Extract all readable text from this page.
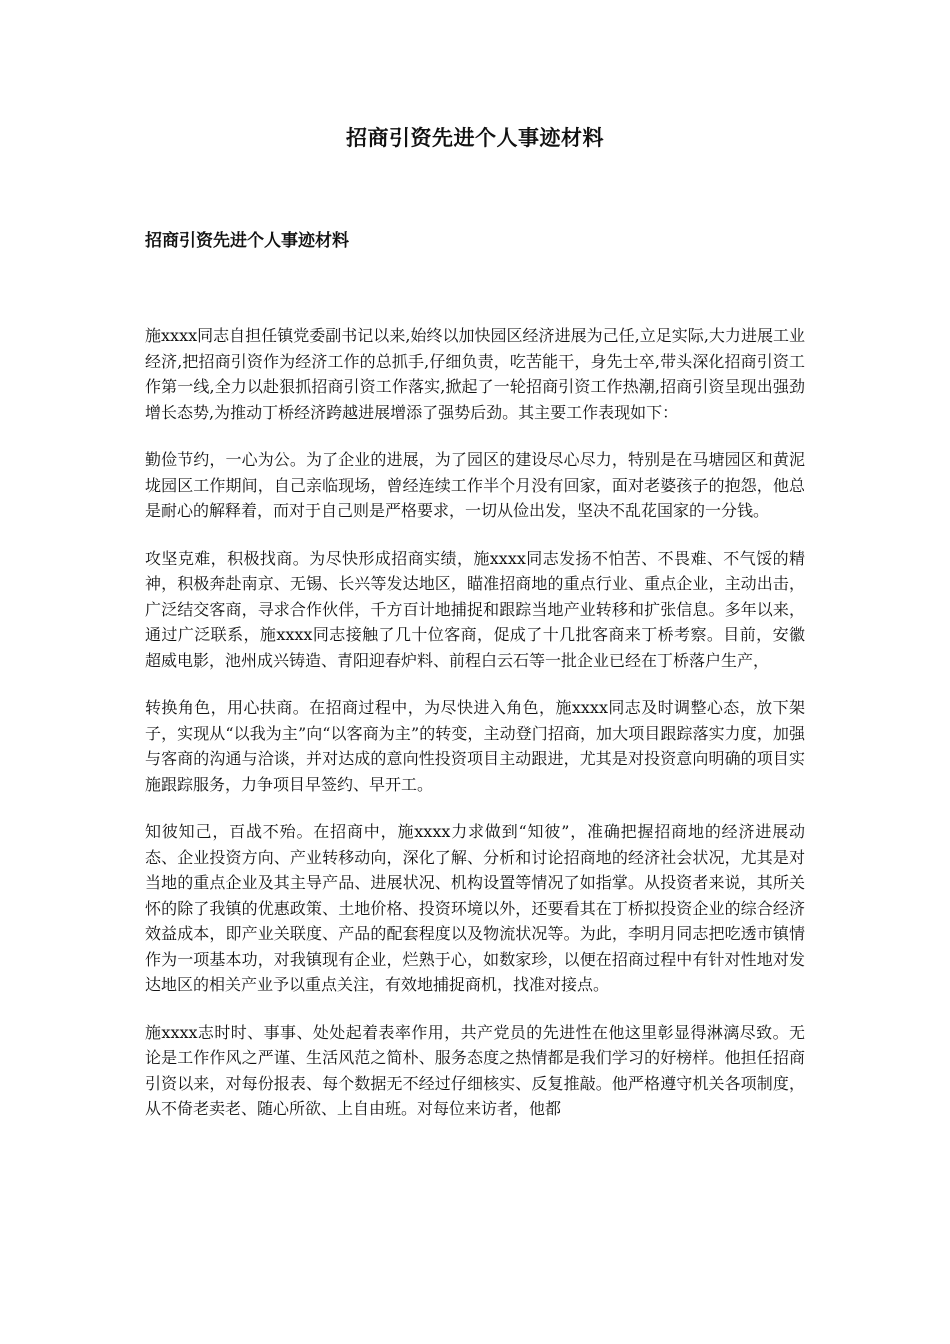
招商引资先进个人事迹材料
招商引资先进个人事迹材料

施xxxx同志自担任镇党委副书记以来,始终以加快园区经济进展为己任,立足实际,大力进展工业经济,把招商引资作为经济工作的总抓手,仔细负责，吃苦能干，身先士卒,带头深化招商引资工作第一线,全力以赴狠抓招商引资工作落实,掀起了一轮招商引资工作热潮,招商引资呈现出强劲增长态势,为推动丁桥经济跨越进展增添了强势后劲。其主要工作表现如下：

勤俭节约，一心为公。为了企业的进展，为了园区的建设尽心尽力，特别是在马塘园区和黄泥垅园区工作期间，自己亲临现场，曾经连续工作半个月没有回家，面对老婆孩子的抱怨，他总是耐心的解释着，而对于自己则是严格要求，一切从俭出发，坚决不乱花国家的一分钱。

攻坚克难，积极找商。为尽快形成招商实绩，施xxxx同志发扬不怕苦、不畏难、不气馁的精神，积极奔赴南京、无锡、长兴等发达地区，瞄准招商地的重点行业、重点企业，主动出击，广泛结交客商，寻求合作伙伴，千方百计地捕捉和跟踪当地产业转移和扩张信息。多年以来，通过广泛联系，施xxxx同志接触了几十位客商，促成了十几批客商来丁桥考察。目前，安徽超威电影，池州成兴铸造、青阳迎春炉料、前程白云石等一批企业已经在丁桥落户生产，

转换角色，用心扶商。在招商过程中，为尽快进入角色，施xxxx同志及时调整心态，放下架子，实现从“以我为主”向“以客商为主”的转变，主动登门招商，加大项目跟踪落实力度，加强与客商的沟通与洽谈，并对达成的意向性投资项目主动跟进，尤其是对投资意向明确的项目实施跟踪服务，力争项目早签约、早开工。

知彼知己，百战不殆。在招商中，施xxxx力求做到“知彼”，准确把握招商地的经济进展动态、企业投资方向、产业转移动向，深化了解、分析和讨论招商地的经济社会状况，尤其是对当地的重点企业及其主导产品、进展状况、机构设置等情况了如指掌。从投资者来说，其所关怀的除了我镇的优惠政策、土地价格、投资环境以外，还要看其在丁桥拟投资企业的综合经济效益成本，即产业关联度、产品的配套程度以及物流状况等。为此，李明月同志把吃透市镇情作为一项基本功，对我镇现有企业，烂熟于心，如数家珍，以便在招商过程中有针对性地对发达地区的相关产业予以重点关注，有效地捕捉商机，找准对接点。

施xxxx志时时、事事、处处起着表率作用，共产党员的先进性在他这里彰显得淋漓尽致。无论是工作作风之严谨、生活风范之简朴、服务态度之热情都是我们学习的好榜样。他担任招商引资以来，对每份报表、每个数据无不经过仔细核实、反复推敲。他严格遵守机关各项制度，从不倚老卖老、随心所欲、上自由班。对每位来访者，他都
